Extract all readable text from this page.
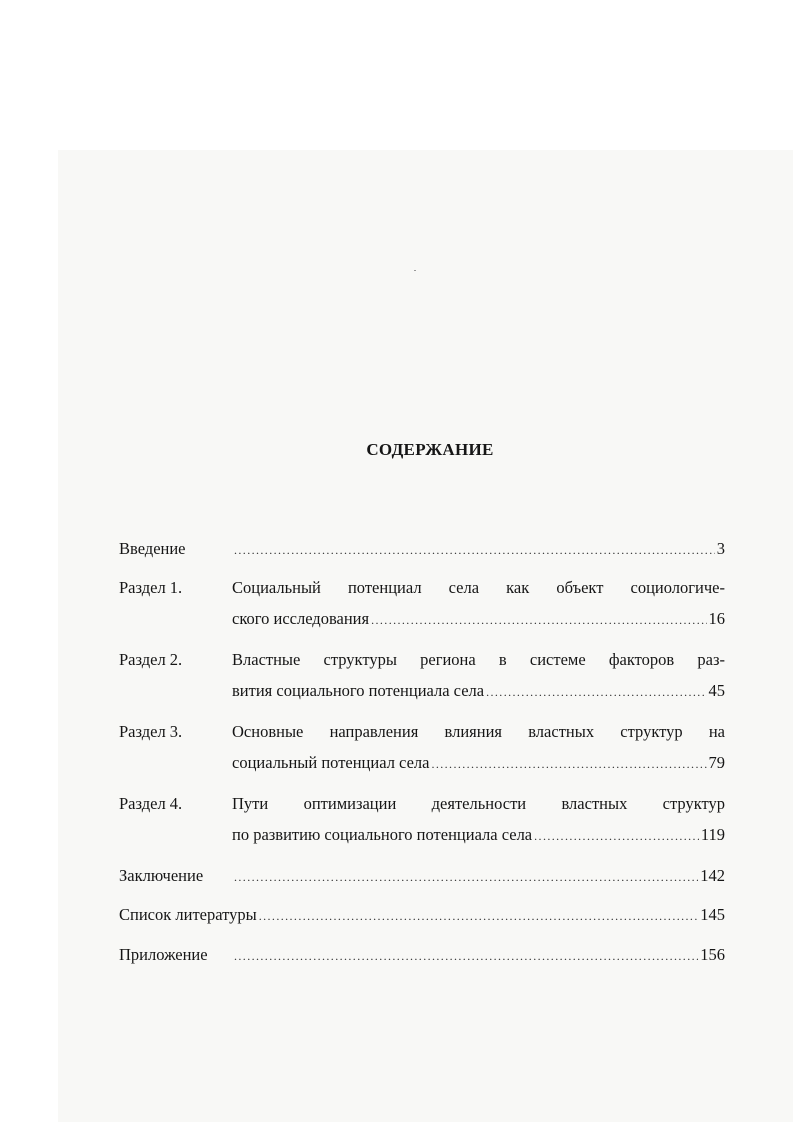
СОДЕРЖАНИЕ
Введение .....	3
Раздел 1.	Социальный потенциал села как объект социологиче-
ского исследования .....	16
Раздел 2.	Властные структуры региона в системе факторов раз-
вития социального потенциала села .....	45
Раздел 3.	Основные направления влияния властных структур на
социальный потенциал села .....	79
Раздел 4.	Пути оптимизации деятельности властных структур
по развитию социального потенциала села .....	119
Заключение .....	142
Список литературы .....	145
Приложение .....	156
